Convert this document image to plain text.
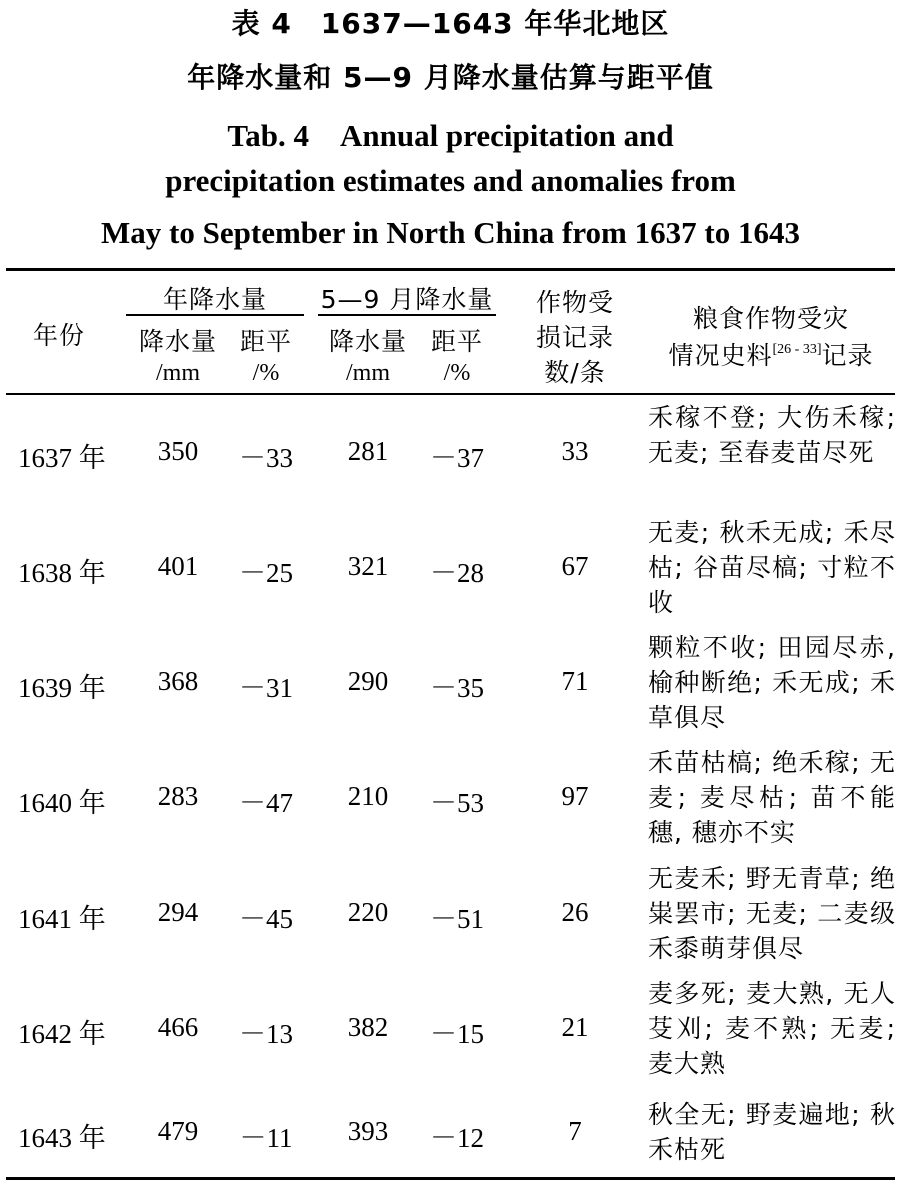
表 4　1637—1643 年华北地区
年降水量和 5—9 月降水量估算与距平值
Tab. 4　Annual precipitation and
precipitation estimates and anomalies from
May to September in North China from 1637 to 1643
年份
年降水量	5—9 月降水量
降水量 距平
/mm	/%
降水量 距平
/mm	/%
作物受
损记录
数/条
粮食作物受灾
情况史料[26 - 33]记录
1637 年	350	－33	281	－37	33
禾稼不登; 大伤禾稼; 无麦; 至春麦苗尽死
1638 年	401	－25	321	－28	67
无麦; 秋禾无成; 禾尽枯; 谷苗尽槁; 寸粒不收
1639 年	368	－31	290	－35	71
颗粒不收; 田园尽赤, 榆种断绝; 禾无成; 禾草俱尽
1640 年	283	－47	210	－53	97
禾苗枯槁; 绝禾稼; 无麦; 麦尽枯; 苗不能穗, 穗亦不实
1641 年	294	－45	220	－51	26
无麦禾; 野无青草; 绝粜罢市; 无麦; 二麦级禾黍萌芽俱尽
1642 年	466	－13	382	－15	21
麦多死; 麦大熟, 无人芟刈; 麦不熟; 无麦; 麦大熟
1643 年	479	－11	393	－12	7
秋全无; 野麦遍地; 秋禾枯死
